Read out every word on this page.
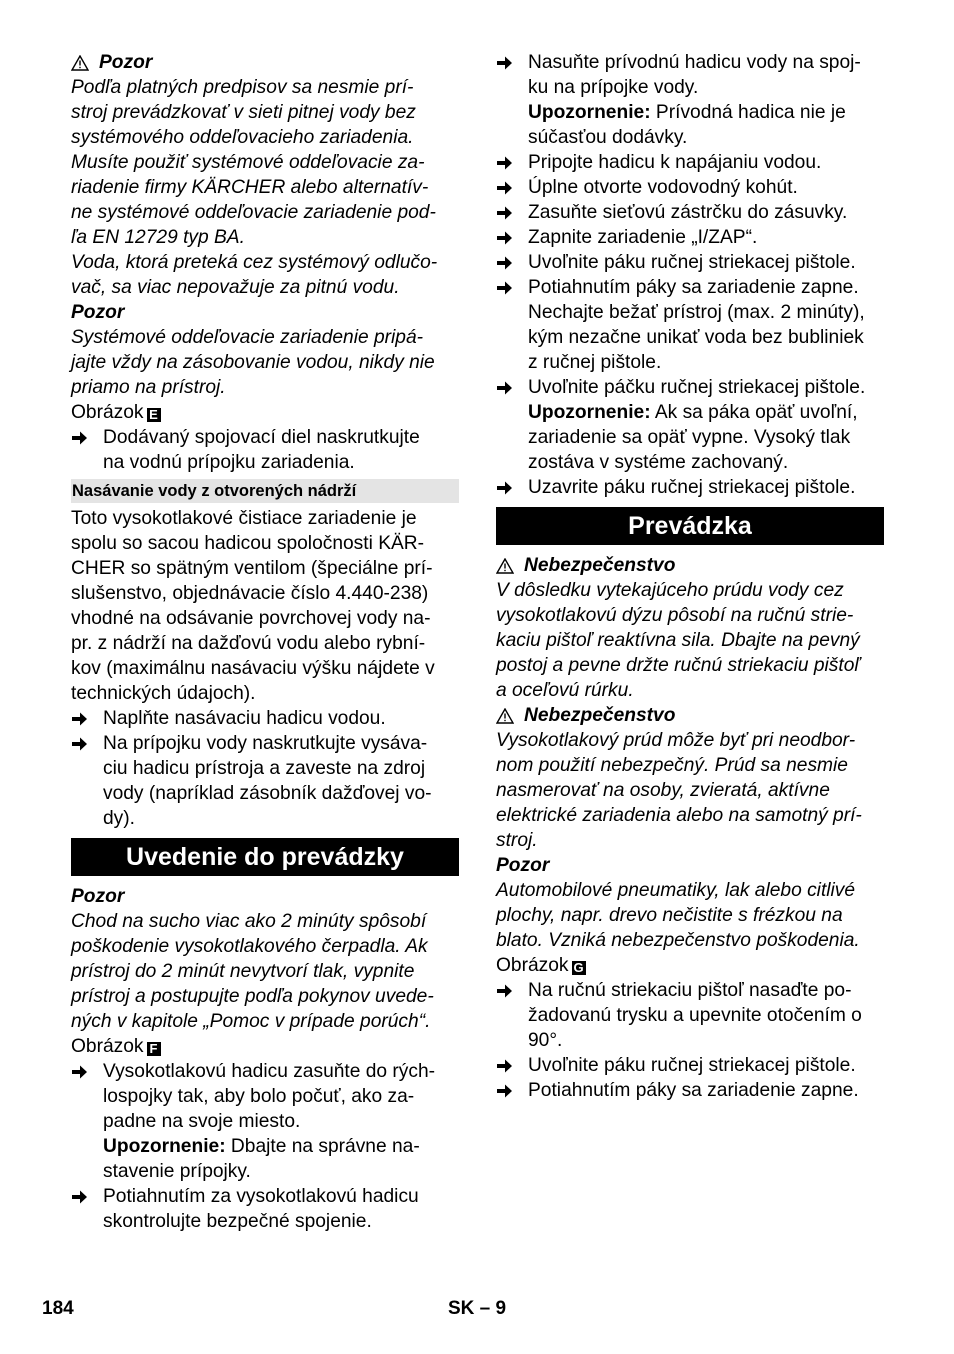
Pozor

Podľa platných predpisov sa nesmie prí-

stroj prevádzkovať v sieti pitnej vody bez

systémového oddeľovacieho zariadenia.

Musíte použiť systémové oddeľovacie za-

riadenie firmy KÄRCHER alebo alternatív-

ne systémové oddeľovacie zariadenie pod-

ľa EN 12729 typ BA.

Voda, ktorá preteká cez systémový odlučo-

vač, sa viac nepovažuje za pitnú vodu.

Pozor

Systémové oddeľovacie zariadenie pripá-

jajte vždy na zásobovanie vodou, nikdy nie

priamo na prístroj.

Obrázok E

Dodávaný spojovací diel naskrutkujte

na vodnú prípojku zariadenia.

Nasávanie vody z otvorených nádrží

Toto vysokotlakové čistiace zariadenie je

spolu so sacou hadicou spoločnosti KÄR-

CHER so spätným ventilom (špeciálne prí-

slušenstvo, objednávacie číslo 4.440-238)

vhodné na odsávanie povrchovej vody na-

pr. z nádrží na dažďovú vodu alebo rybní-

kov (maximálnu nasávaciu výšku nájdete v

technických údajoch).

Naplňte nasávaciu hadicu vodou.

Na prípojku vody naskrutkujte vysáva-

ciu hadicu prístroja a zaveste na zdroj

vody (napríklad zásobník dažďovej vo-

dy).

Uvedenie do prevádzky

Pozor

Chod na sucho viac ako 2 minúty spôsobí

poškodenie vysokotlakového čerpadla. Ak

prístroj do 2 minút nevytvorí tlak, vypnite

prístroj a postupujte podľa pokynov uvede-

ných v kapitole „Pomoc v prípade porúch“.

Obrázok F

Vysokotlakovú hadicu zasuňte do rých-

lospojky tak, aby bolo počuť, ako za-

padne na svoje miesto.

Upozornenie: Dbajte na správne na-

stavenie prípojky.

Potiahnutím za vysokotlakovú hadicu

skontrolujte bezpečné spojenie.

Nasuňte prívodnú hadicu vody na spoj-

ku na prípojke vody.

Upozornenie: Prívodná hadica nie je

súčasťou dodávky.

Pripojte hadicu k napájaniu vodou.

Úplne otvorte vodovodný kohút.

Zasuňte sieťovú zástrčku do zásuvky.

Zapnite zariadenie „I/ZAP“.

Uvoľnite páku ručnej striekacej pištole.

Potiahnutím páky sa zariadenie zapne.

Nechajte bežať prístroj (max. 2 minúty),

kým nezačne unikať voda bez bubliniek

z ručnej pištole.

Uvoľnite páčku ručnej striekacej pištole.

Upozornenie: Ak sa páka opäť uvoľní,

zariadenie sa opäť vypne. Vysoký tlak

zostáva v systéme zachovaný.

Uzavrite páku ručnej striekacej pištole.

Prevádzka
Nebezpečenstvo

V dôsledku vytekajúceho prúdu vody cez

vysokotlakovú dýzu pôsobí na ručnú strie-

kaciu pištoľ reaktívna sila. Dbajte na pevný

postoj a pevne držte ručnú striekaciu pištoľ

a oceľovú rúrku.

Nebezpečenstvo

Vysokotlakový prúd môže byť pri neodbor-

nom použití nebezpečný. Prúd sa nesmie

nasmerovať na osoby, zvieratá, aktívne

elektrické zariadenia alebo na samotný prí-

stroj.

Pozor

Automobilové pneumatiky, lak alebo citlivé

plochy, napr. drevo nečistite s frézkou na

blato. Vzniká nebezpečenstvo poškodenia.

Obrázok G

Na ručnú striekaciu pištoľ nasaďte po-

žadovanú trysku a upevnite otočením o

90°.

Uvoľnite páku ručnej striekacej pištole.

Potiahnutím páky sa zariadenie zapne.

184	SK – 9
